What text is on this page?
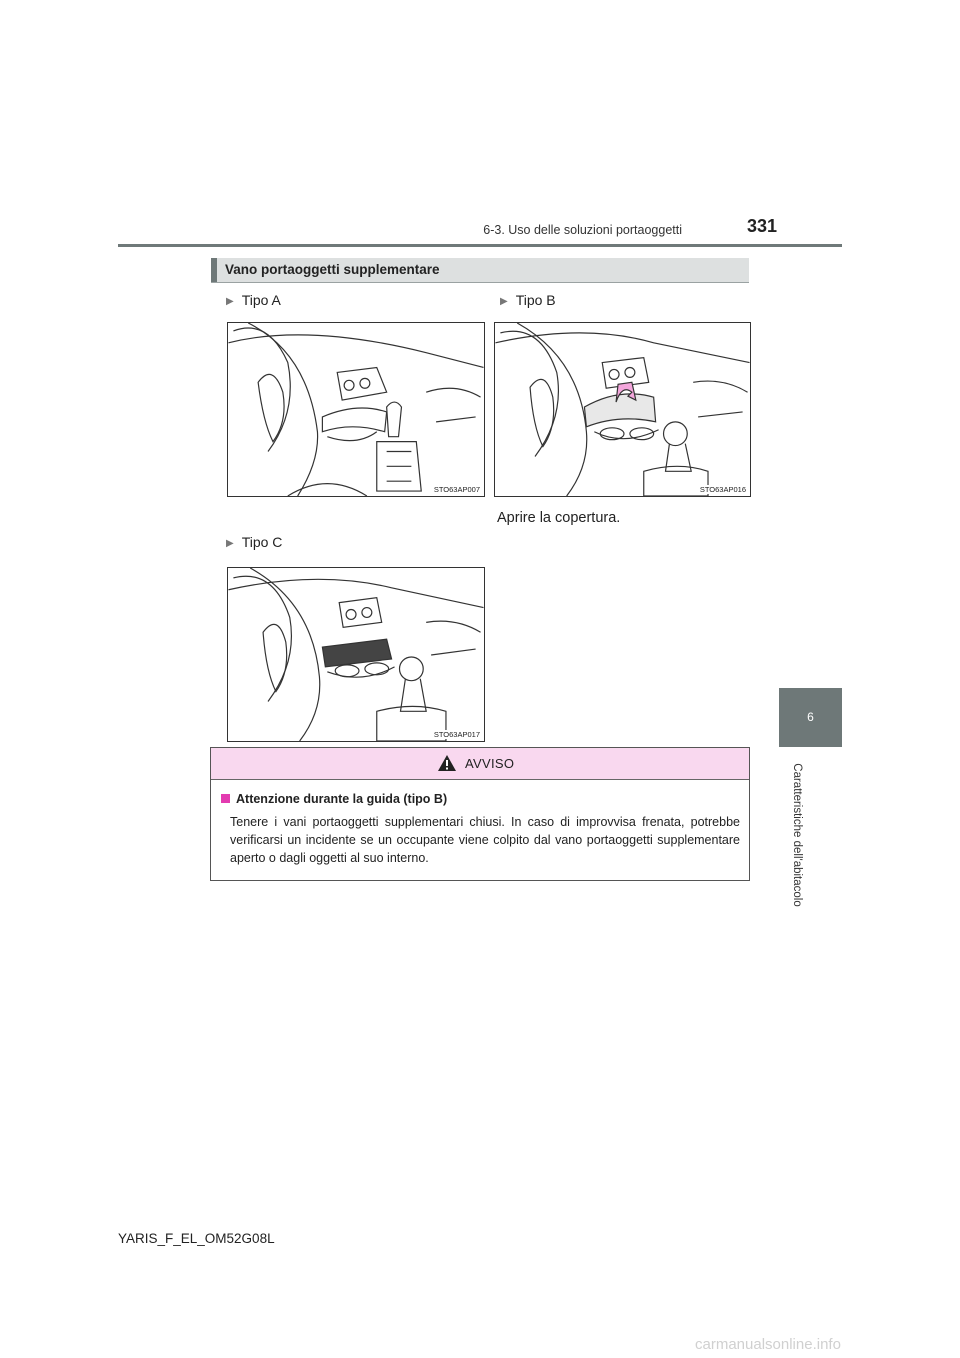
6-3. Uso delle soluzioni portaoggetti	331
6
Caratteristiche dell'abitacolo
Vano portaoggetti supplementare
▶ Tipo A	▶ Tipo B
▶ Tipo C
STO63AP007	STO63AP016
Aprire la copertura.
STO63AP017
AVVISO
Attenzione durante la guida (tipo B)
Tenere i vani portaoggetti supplementari chiusi. In caso di improvvisa frenata, potrebbe verificarsi un incidente se un occupante viene colpito dal vano portaoggetti supplementare aperto o dagli oggetti al suo interno.
YARIS_F_EL_OM52G08L
carmanualsonline.info
